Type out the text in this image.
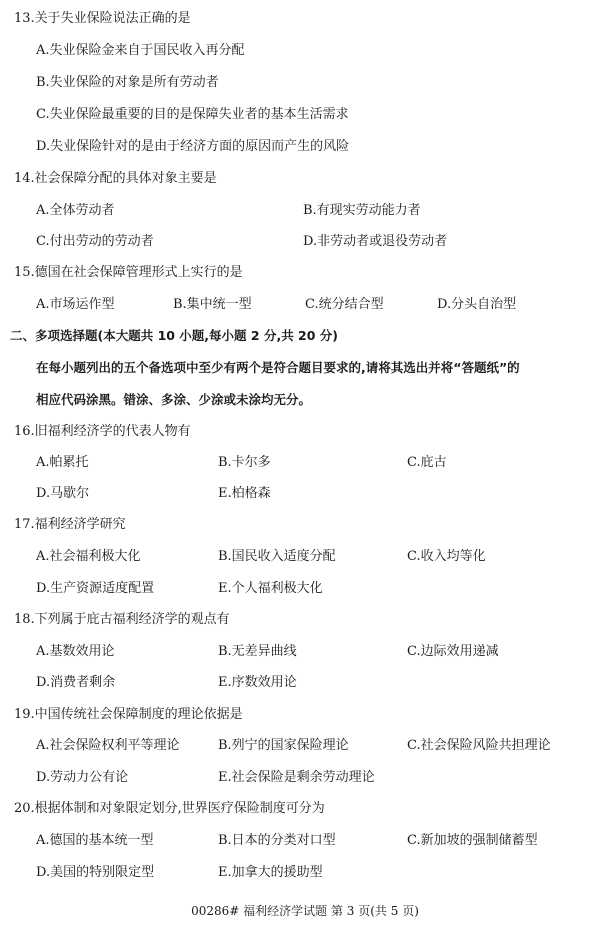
13.关于失业保险说法正确的是
A.失业保险金来自于国民收入再分配
B.失业保险的对象是所有劳动者
C.失业保险最重要的目的是保障失业者的基本生活需求
D.失业保险针对的是由于经济方面的原因而产生的风险
14.社会保障分配的具体对象主要是
A.全体劳动者	B.有现实劳动能力者
C.付出劳动的劳动者	D.非劳动者或退役劳动者
15.德国在社会保障管理形式上实行的是
A.市场运作型	B.集中统一型	C.统分结合型	D.分头自治型
二、多项选择题(本大题共 10 小题,每小题 2 分,共 20 分)
在每小题列出的五个备选项中至少有两个是符合题目要求的,请将其选出并将“答题纸”的
相应代码涂黑。错涂、多涂、少涂或未涂均无分。
16.旧福利经济学的代表人物有
A.帕累托	B.卡尔多	C.庇古
D.马歇尔	E.柏格森
17.福利经济学研究
A.社会福利极大化	B.国民收入适度分配	C.收入均等化
D.生产资源适度配置	E.个人福利极大化
18.下列属于庇古福利经济学的观点有
A.基数效用论	B.无差异曲线	C.边际效用递减
D.消费者剩余	E.序数效用论
19.中国传统社会保障制度的理论依据是
A.社会保险权利平等理论	B.列宁的国家保险理论	C.社会保险风险共担理论
D.劳动力公有论	E.社会保险是剩余劳动理论
20.根据体制和对象限定划分,世界医疗保险制度可分为
A.德国的基本统一型	B.日本的分类对口型	C.新加坡的强制储蓄型
D.美国的特别限定型	E.加拿大的援助型
00286# 福利经济学试题 第 3 页(共 5 页)
